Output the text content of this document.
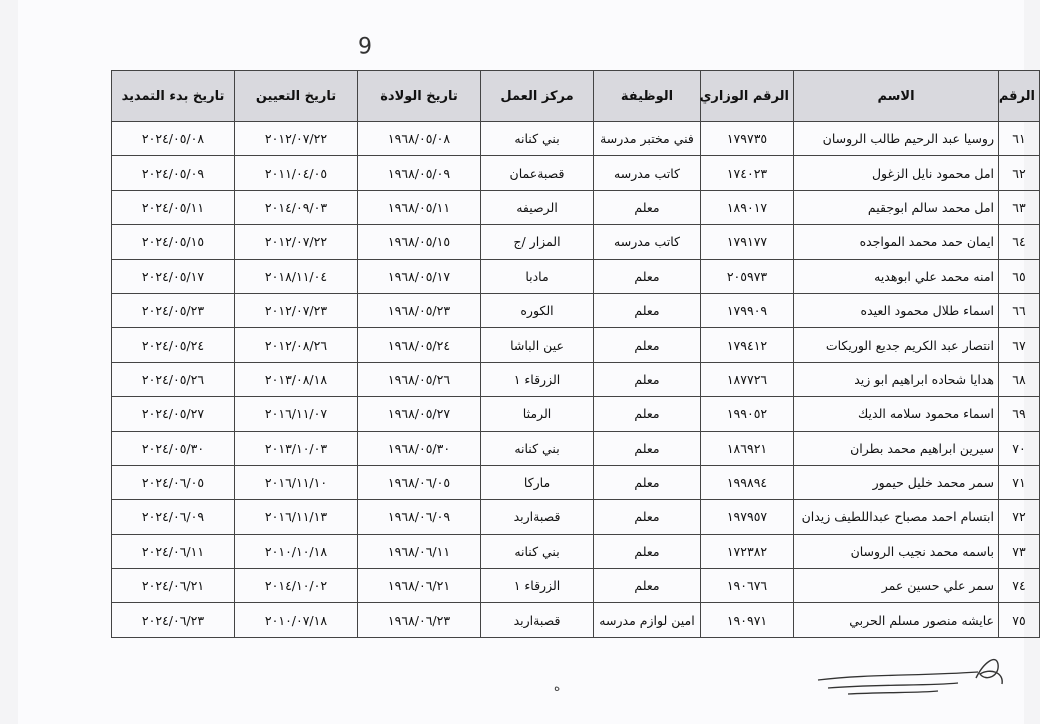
6
الرقم	الاسم	الرقم الوزاري	الوظيفة	مركز العمل	تاريخ الولادة	تاريخ التعيين	تاريخ بدء التمديد
٦١	روسيا عبد الرحيم طالب الروسان	١٧٩٧٣٥	فني مختبر مدرسة	بني كنانه	١٩٦٨/٠٥/٠٨	٢٠١٢/٠٧/٢٢	٢٠٢٤/٠٥/٠٨
٦٢	امل محمود نايل الزغول	١٧٤٠٢٣	كاتب مدرسه	قصبةعمان	١٩٦٨/٠٥/٠٩	٢٠١١/٠٤/٠٥	٢٠٢٤/٠٥/٠٩
٦٣	امل محمد سالم ابوجقيم	١٨٩٠١٧	معلم	الرصيفه	١٩٦٨/٠٥/١١	٢٠١٤/٠٩/٠٣	٢٠٢٤/٠٥/١١
٦٤	ايمان حمد محمد المواجده	١٧٩١٧٧	كاتب مدرسه	المزار /ج	١٩٦٨/٠٥/١٥	٢٠١٢/٠٧/٢٢	٢٠٢٤/٠٥/١٥
٦٥	امنه محمد علي ابوهديه	٢٠٥٩٧٣	معلم	مادبا	١٩٦٨/٠٥/١٧	٢٠١٨/١١/٠٤	٢٠٢٤/٠٥/١٧
٦٦	اسماء طلال محمود العيده	١٧٩٩٠٩	معلم	الكوره	١٩٦٨/٠٥/٢٣	٢٠١٢/٠٧/٢٣	٢٠٢٤/٠٥/٢٣
٦٧	انتصار عبد الكريم جديع الوريكات	١٧٩٤١٢	معلم	عين الباشا	١٩٦٨/٠٥/٢٤	٢٠١٢/٠٨/٢٦	٢٠٢٤/٠٥/٢٤
٦٨	هدايا شحاده ابراهيم ابو زيد	١٨٧٧٢٦	معلم	الزرقاء ١	١٩٦٨/٠٥/٢٦	٢٠١٣/٠٨/١٨	٢٠٢٤/٠٥/٢٦
٦٩	اسماء محمود سلامه الديك	١٩٩٠٥٢	معلم	الرمثا	١٩٦٨/٠٥/٢٧	٢٠١٦/١١/٠٧	٢٠٢٤/٠٥/٢٧
٧٠	سيرين ابراهيم محمد بطران	١٨٦٩٢١	معلم	بني كنانه	١٩٦٨/٠٥/٣٠	٢٠١٣/١٠/٠٣	٢٠٢٤/٠٥/٣٠
٧١	سمر محمد خليل حيمور	١٩٩٨٩٤	معلم	ماركا	١٩٦٨/٠٦/٠٥	٢٠١٦/١١/١٠	٢٠٢٤/٠٦/٠٥
٧٢	ابتسام احمد مصباح عبداللطيف زيدان	١٩٧٩٥٧	معلم	قصبةاربد	١٩٦٨/٠٦/٠٩	٢٠١٦/١١/١٣	٢٠٢٤/٠٦/٠٩
٧٣	باسمه محمد نجيب الروسان	١٧٢٣٨٢	معلم	بني كنانه	١٩٦٨/٠٦/١١	٢٠١٠/١٠/١٨	٢٠٢٤/٠٦/١١
٧٤	سمر علي حسين عمر	١٩٠٦٧٦	معلم	الزرقاء ١	١٩٦٨/٠٦/٢١	٢٠١٤/١٠/٠٢	٢٠٢٤/٠٦/٢١
٧٥	عايشه منصور مسلم الحربي	١٩٠٩٧١	امين لوازم مدرسه	قصبةاربد	١٩٦٨/٠٦/٢٣	٢٠١٠/٠٧/١٨	٢٠٢٤/٠٦/٢٣
ه
